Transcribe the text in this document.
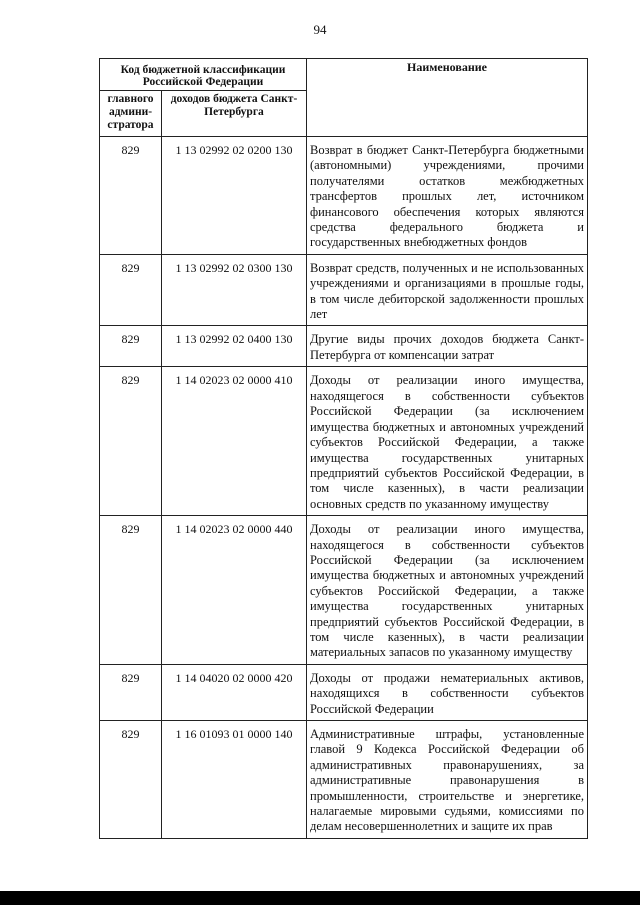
94
Код бюджетной классификации Российской Федерации		Наименование
главного админи-стратора	доходов бюджета Санкт-Петербурга	
829	1 13 02992 02 0200 130	Возврат в бюджет Санкт-Петербурга бюджетными (автономными) учреждениями, прочими получателями остатков межбюджетных трансфертов прошлых лет, источником финансового обеспечения которых являются средства федерального бюджета и государственных внебюджетных фондов
829	1 13 02992 02 0300 130	Возврат средств, полученных и не использованных учреждениями и организациями в прошлые годы, в том числе дебиторской задолженности прошлых лет
829	1 13 02992 02 0400 130	Другие виды прочих доходов бюджета Санкт-Петербурга от компенсации затрат
829	1 14 02023 02 0000 410	Доходы от реализации иного имущества, находящегося в собственности субъектов Российской Федерации (за исключением имущества бюджетных и автономных учреждений субъектов Российской Федерации, а также имущества государственных унитарных предприятий субъектов Российской Федерации, в том числе казенных), в части реализации основных средств по указанному имуществу
829	1 14 02023 02 0000 440	Доходы от реализации иного имущества, находящегося в собственности субъектов Российской Федерации (за исключением имущества бюджетных и автономных учреждений субъектов Российской Федерации, а также имущества государственных унитарных предприятий субъектов Российской Федерации, в том числе казенных), в части реализации материальных запасов по указанному имуществу
829	1 14 04020 02 0000 420	Доходы от продажи нематериальных активов, находящихся в собственности субъектов Российской Федерации
829	1 16 01093 01 0000 140	Административные штрафы, установленные главой 9 Кодекса Российской Федерации об административных правонарушениях, за административные правонарушения в промышленности, строительстве и энергетике, налагаемые мировыми судьями, комиссиями по делам несовершеннолетних и защите их прав
